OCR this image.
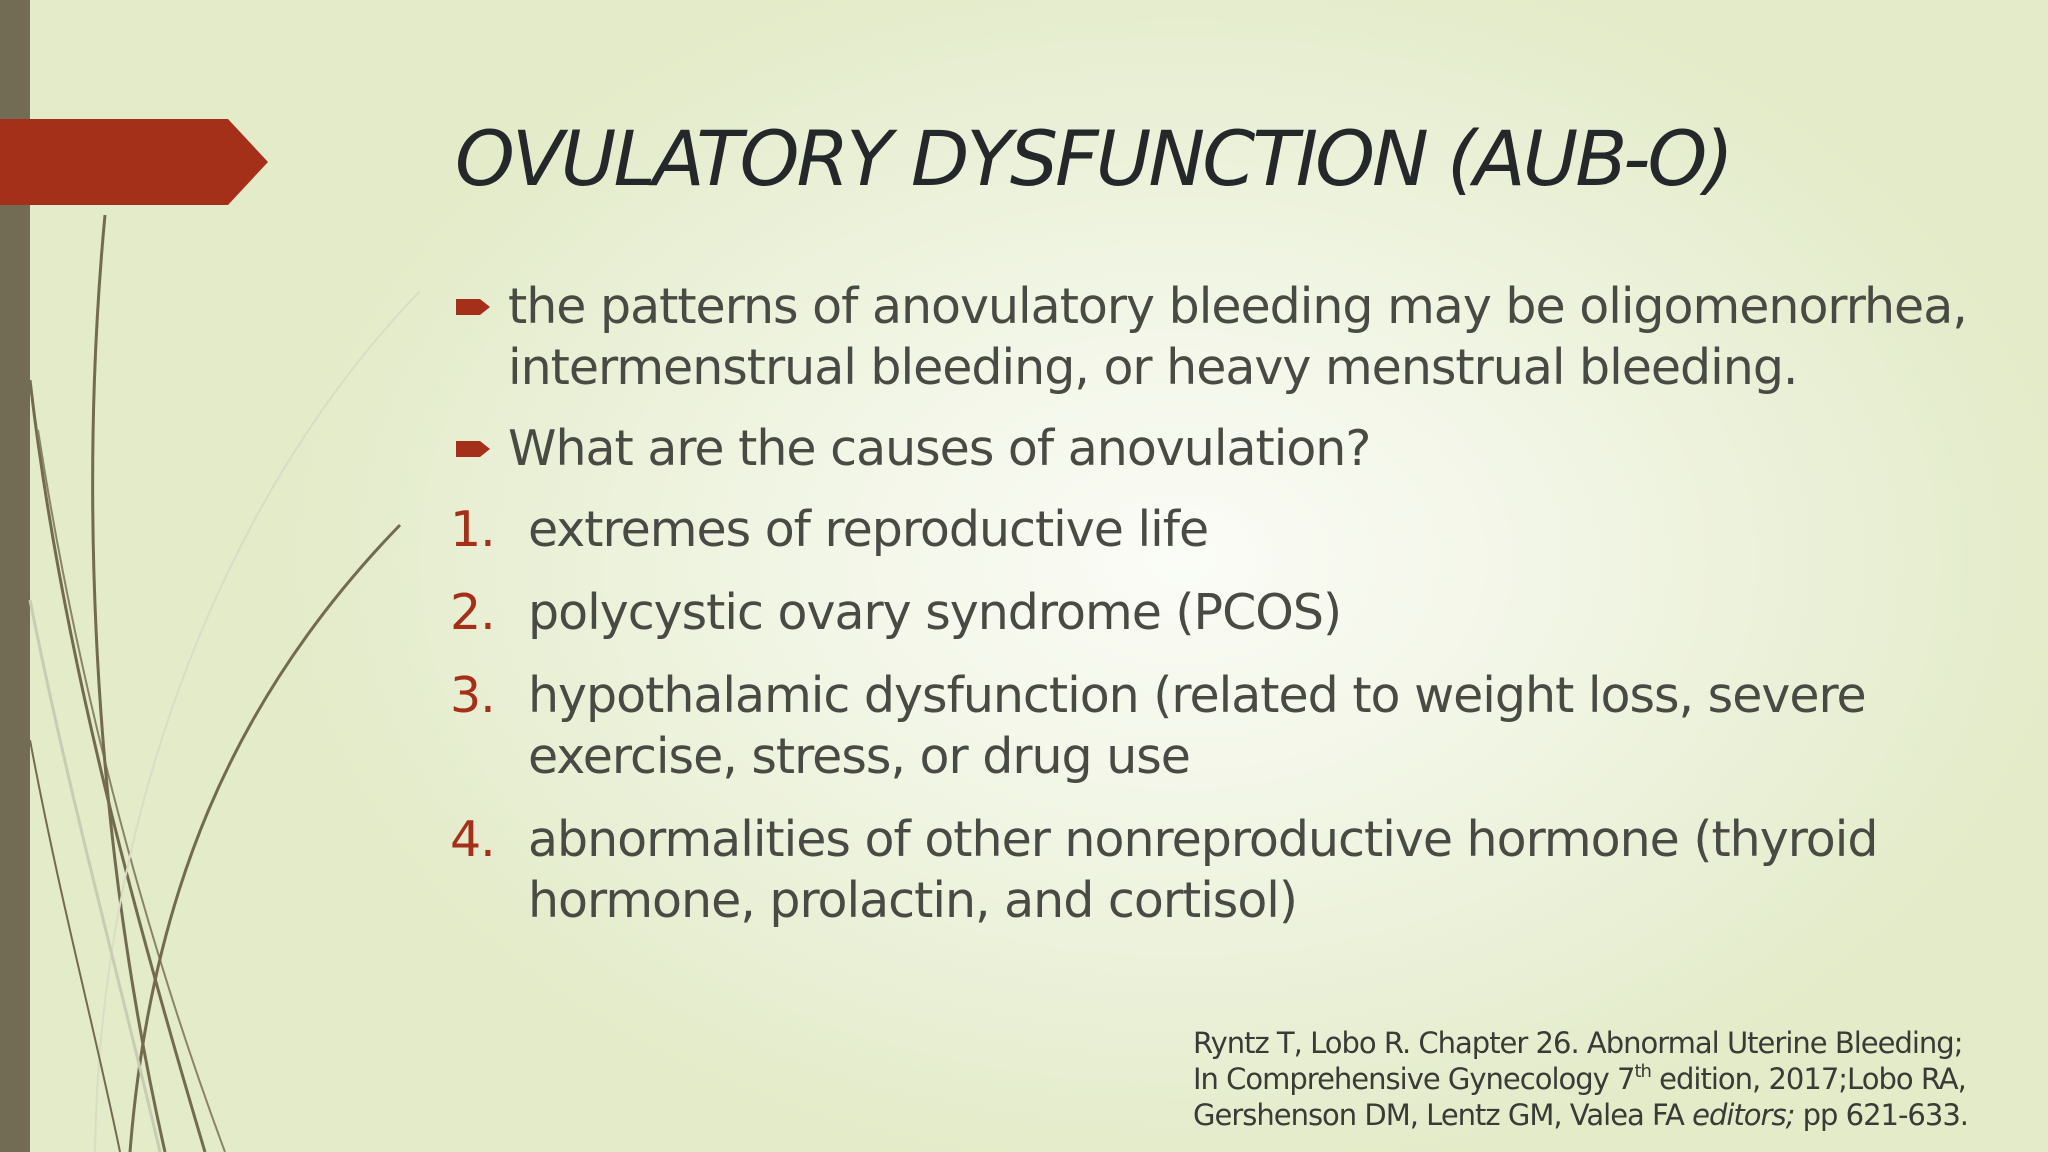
OVULATORY DYSFUNCTION (AUB-O)
the patterns of anovulatory bleeding may be oligomenorrhea, intermenstrual bleeding, or heavy menstrual bleeding.
What are the causes of anovulation?
1. extremes of reproductive life
2. polycystic ovary syndrome (PCOS)
3. hypothalamic dysfunction (related to weight loss, severe exercise, stress, or drug use
4. abnormalities of other nonreproductive hormone (thyroid hormone, prolactin, and cortisol)
Ryntz T, Lobo R. Chapter 26. Abnormal Uterine Bleeding;
In Comprehensive Gynecology 7th edition, 2017;Lobo RA,
Gershenson DM, Lentz GM, Valea FA editors; pp 621-633.
